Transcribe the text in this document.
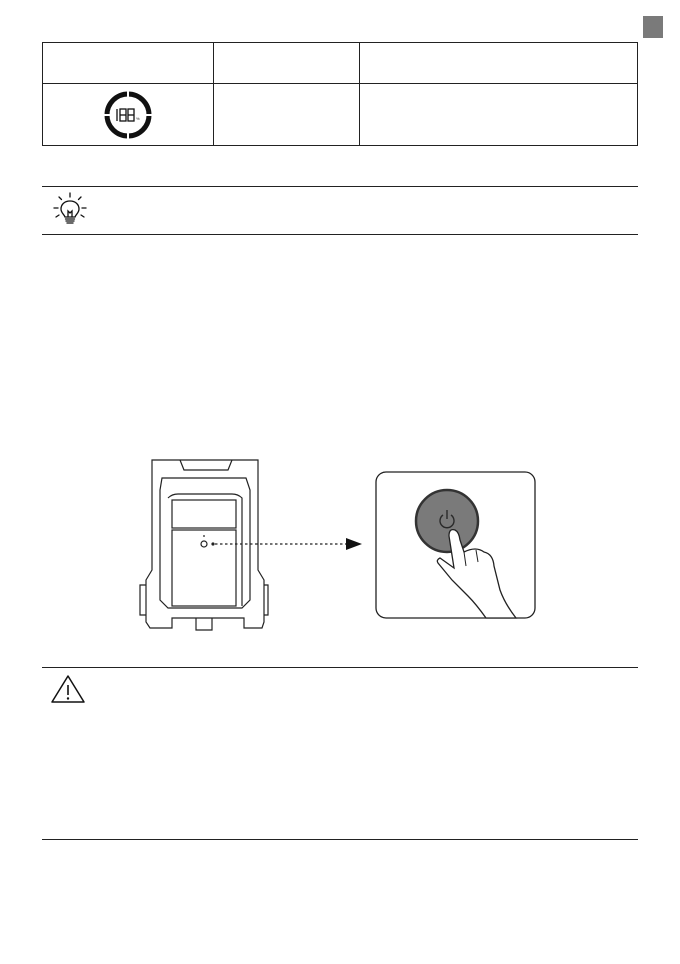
%		
